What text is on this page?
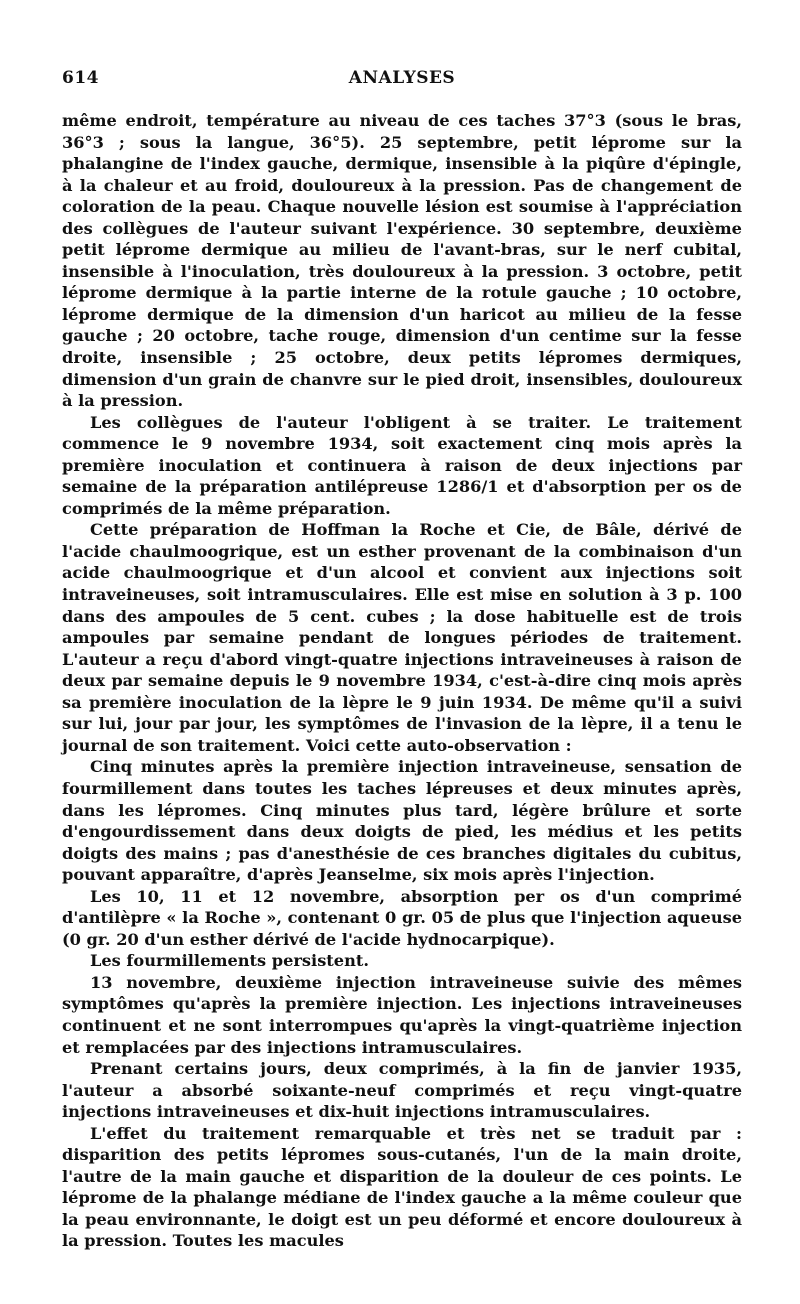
614	ANALYSES

même endroit, température au niveau de ces taches 37°3 (sous le bras, 36°3 ; sous la langue, 36°5). 25 septembre, petit léprome sur la phalangine de l'index gauche, dermique, insensible à la piqûre d'épingle, à la chaleur et au froid, douloureux à la pression. Pas de changement de coloration de la peau. Chaque nouvelle lésion est soumise à l'appréciation des collègues de l'auteur suivant l'expérience. 30 septembre, deuxième petit léprome dermique au milieu de l'avant-bras, sur le nerf cubital, insensible à l'inoculation, très douloureux à la pression. 3 octobre, petit léprome dermique à la partie interne de la rotule gauche ; 10 octobre, léprome dermique de la dimension d'un haricot au milieu de la fesse gauche ; 20 octobre, tache rouge, dimension d'un centime sur la fesse droite, insensible ; 25 octobre, deux petits lépromes dermiques, dimension d'un grain de chanvre sur le pied droit, insensibles, douloureux à la pression.

Les collègues de l'auteur l'obligent à se traiter. Le traitement commence le 9 novembre 1934, soit exactement cinq mois après la première inoculation et continuera à raison de deux injections par semaine de la préparation antilépreuse 1286/1 et d'absorption per os de comprimés de la même préparation.

Cette préparation de Hoffman la Roche et Cie, de Bâle, dérivé de l'acide chaulmoogrique, est un esther provenant de la combinaison d'un acide chaulmoogrique et d'un alcool et convient aux injections soit intraveineuses, soit intramusculaires. Elle est mise en solution à 3 p. 100 dans des ampoules de 5 cent. cubes ; la dose habituelle est de trois ampoules par semaine pendant de longues périodes de traitement. L'auteur a reçu d'abord vingt-quatre injections intraveineuses à raison de deux par semaine depuis le 9 novembre 1934, c'est-à-dire cinq mois après sa première inoculation de la lèpre le 9 juin 1934. De même qu'il a suivi sur lui, jour par jour, les symptômes de l'invasion de la lèpre, il a tenu le journal de son traitement. Voici cette auto-observation :

Cinq minutes après la première injection intraveineuse, sensation de fourmillement dans toutes les taches lépreuses et deux minutes après, dans les lépromes. Cinq minutes plus tard, légère brûlure et sorte d'engourdissement dans deux doigts de pied, les médius et les petits doigts des mains ; pas d'anesthésie de ces branches digitales du cubitus, pouvant apparaître, d'après Jeanselme, six mois après l'injection.

Les 10, 11 et 12 novembre, absorption per os d'un comprimé d'antilèpre « la Roche », contenant 0 gr. 05 de plus que l'injection aqueuse (0 gr. 20 d'un esther dérivé de l'acide hydnocarpique).

Les fourmillements persistent.

13 novembre, deuxième injection intraveineuse suivie des mêmes symptômes qu'après la première injection. Les injections intraveineuses continuent et ne sont interrompues qu'après la vingt-quatrième injection et remplacées par des injections intramusculaires.

Prenant certains jours, deux comprimés, à la fin de janvier 1935, l'auteur a absorbé soixante-neuf comprimés et reçu vingt-quatre injections intraveineuses et dix-huit injections intramusculaires.

L'effet du traitement remarquable et très net se traduit par : disparition des petits lépromes sous-cutanés, l'un de la main droite, l'autre de la main gauche et disparition de la douleur de ces points. Le léprome de la phalange médiane de l'index gauche a la même couleur que la peau environnante, le doigt est un peu déformé et encore douloureux à la pression. Toutes les macules
